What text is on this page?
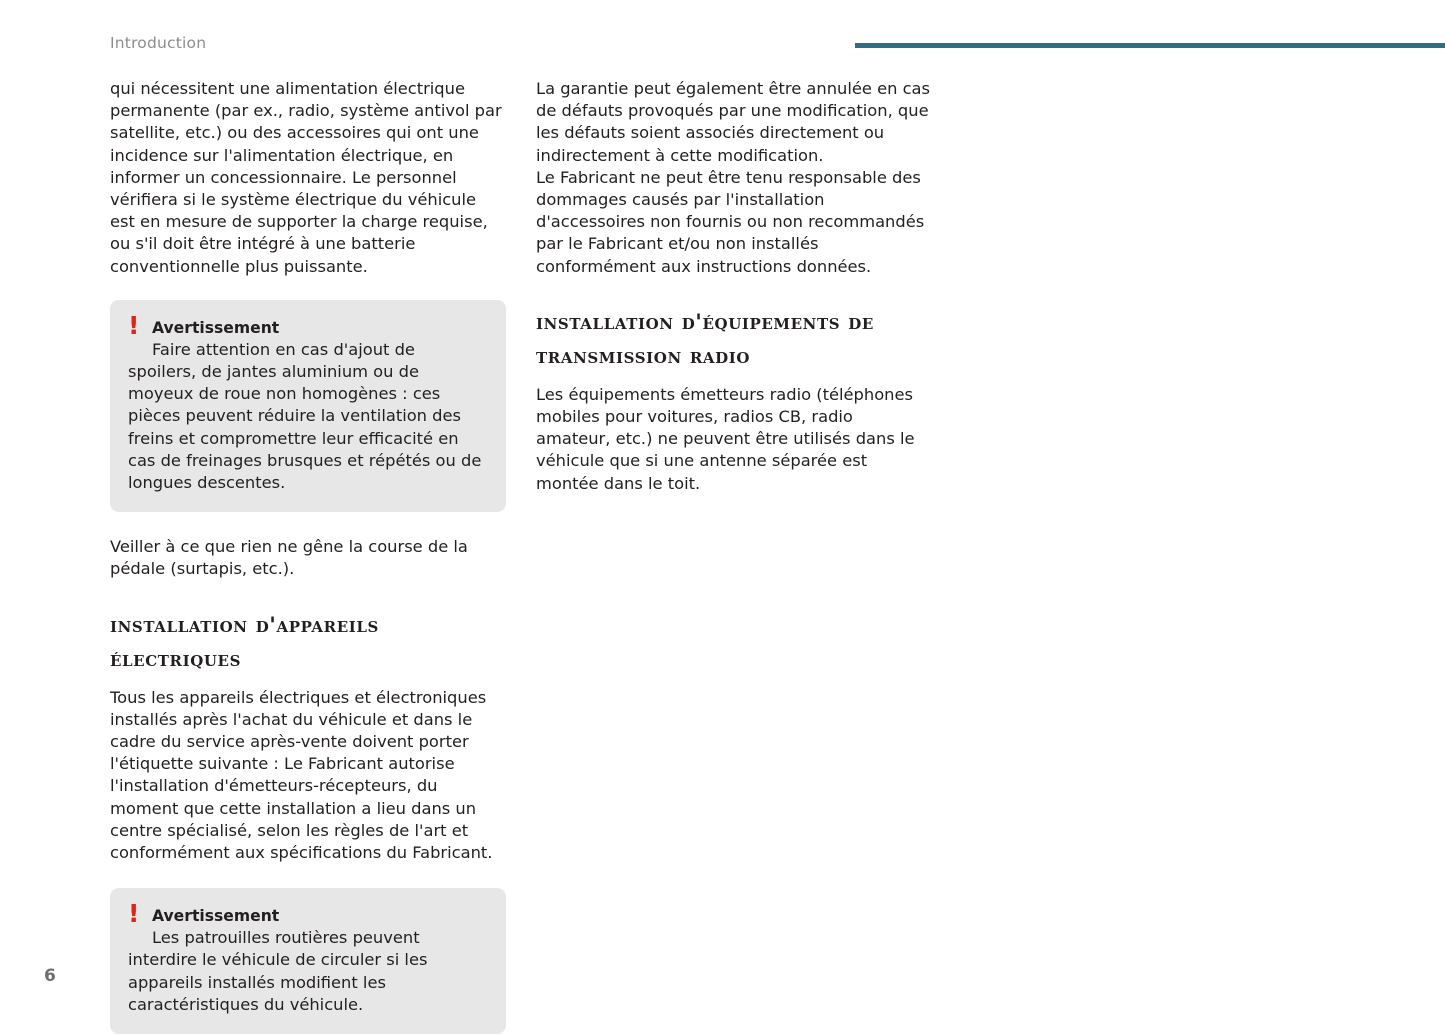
Introduction

qui nécessitent une alimentation électrique permanente (par ex., radio, système antivol par satellite, etc.) ou des accessoires qui ont une incidence sur l'alimentation électrique, en informer un concessionnaire. Le personnel vérifiera si le système électrique du véhicule est en mesure de supporter la charge requise, ou s'il doit être intégré à une batterie conventionnelle plus puissante.

! Avertissement

Faire attention en cas d'ajout de spoilers, de jantes aluminium ou de moyeux de roue non homogènes : ces pièces peuvent réduire la ventilation des freins et compromettre leur efficacité en cas de freinages brusques et répétés ou de longues descentes.

Veiller à ce que rien ne gêne la course de la pédale (surtapis, etc.).

installation d'appareils électriques

Tous les appareils électriques et électroniques installés après l'achat du véhicule et dans le cadre du service après-vente doivent porter l'étiquette suivante : Le Fabricant autorise l'installation d'émetteurs-récepteurs, du moment que cette installation a lieu dans un centre spécialisé, selon les règles de l'art et conformément aux spécifications du Fabricant.

! Avertissement

Les patrouilles routières peuvent interdire le véhicule de circuler si les appareils installés modifient les caractéristiques du véhicule.

La garantie peut également être annulée en cas de défauts provoqués par une modification, que les défauts soient associés directement ou indirectement à cette modification.

Le Fabricant ne peut être tenu responsable des dommages causés par l'installation d'accessoires non fournis ou non recommandés par le Fabricant et/ou non installés conformément aux instructions données.

installation d'équipements de transmission radio

Les équipements émetteurs radio (téléphones mobiles pour voitures, radios CB, radio amateur, etc.) ne peuvent être utilisés dans le véhicule que si une antenne séparée est montée dans le toit.

6
